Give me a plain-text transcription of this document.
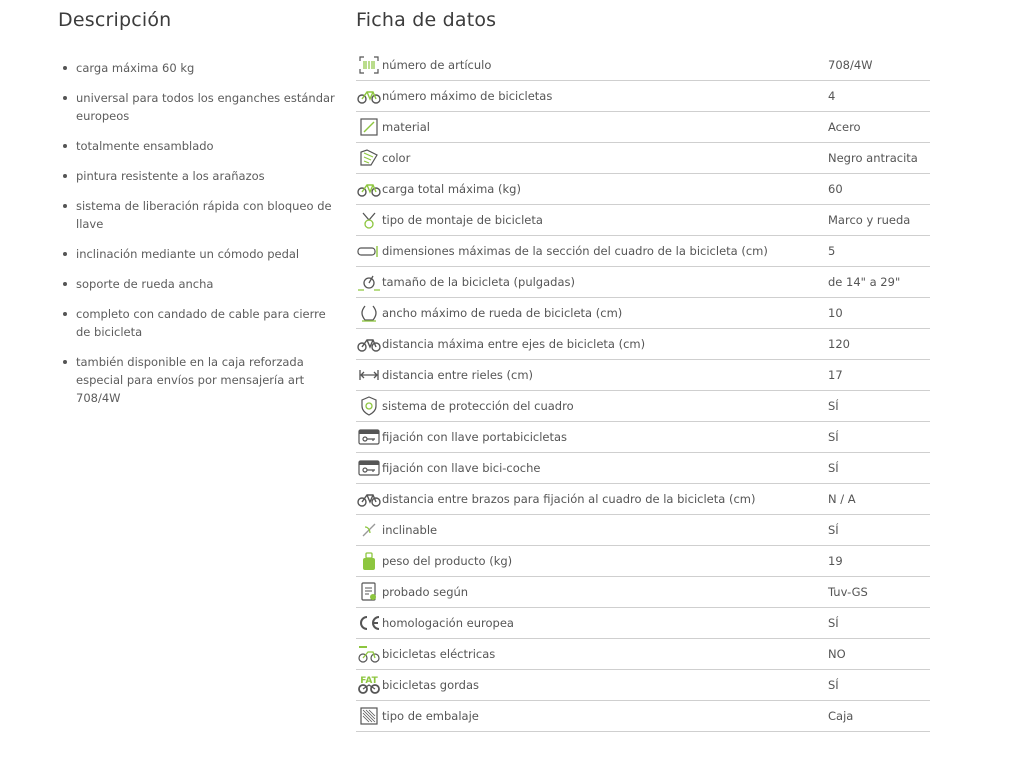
Descripción
carga máxima 60 kg
universal para todos los enganches estándar europeos
totalmente ensamblado
pintura resistente a los arañazos
sistema de liberación rápida con bloqueo de llave
inclinación mediante un cómodo pedal
soporte de rueda ancha
completo con candado de cable para cierre de bicicleta
también disponible en la caja reforzada especial para envíos por mensajería art 708/4W
Ficha de datos
número de artículo	708/4W
número máximo de bicicletas	4
material	Acero
color	Negro antracita
carga total máxima (kg)	60
tipo de montaje de bicicleta	Marco y rueda
dimensiones máximas de la sección del cuadro de la bicicleta (cm)	5
tamaño de la bicicleta (pulgadas)	de 14" a 29"
ancho máximo de rueda de bicicleta (cm)	10
distancia máxima entre ejes de bicicleta (cm)	120
distancia entre rieles (cm)	17
sistema de protección del cuadro	SÍ
fijación con llave portabicicletas	SÍ
fijación con llave bici-coche	SÍ
distancia entre brazos para fijación al cuadro de la bicicleta (cm)	N / A
inclinable	SÍ
peso del producto (kg)	19
probado según	Tuv-GS
homologación europea	SÍ
bicicletas eléctricas	NO
FAT bicicletas gordas	SÍ
tipo de embalaje	Caja
